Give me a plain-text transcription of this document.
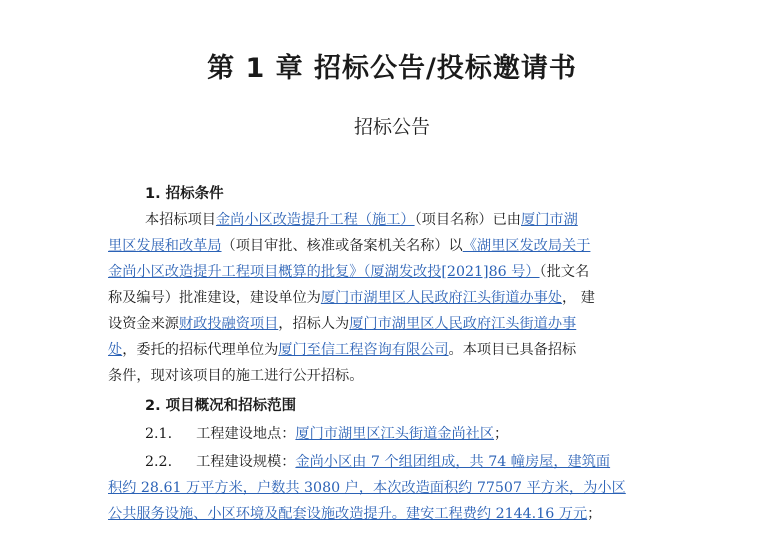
第 1 章 招标公告/投标邀请书
招标公告
1. 招标条件
本招标项目金尚小区改造提升工程（施工）（项目名称）已由厦门市湖
里区发展和改革局（项目审批、核准或备案机关名称）以《湖里区发改局关于
金尚小区改造提升工程项目概算的批复》（厦湖发改投[2021]86 号）（批文名
称及编号）批准建设，建设单位为厦门市湖里区人民政府江头街道办事处， 建
设资金来源财政投融资项目，招标人为厦门市湖里区人民政府江头街道办事
处，委托的招标代理单位为厦门至信工程咨询有限公司。本项目已具备招标
条件，现对该项目的施工进行公开招标。
2. 项目概况和招标范围
2.1. 工程建设地点：厦门市湖里区江头街道金尚社区；
2.2. 工程建设规模：金尚小区由 7 个组团组成，共 74 幢房屋，建筑面
积约 28.61 万平方米，户数共 3080 户，本次改造面积约 77507 平方米，为小区
公共服务设施、小区环境及配套设施改造提升。建安工程费约 2144.16 万元；
